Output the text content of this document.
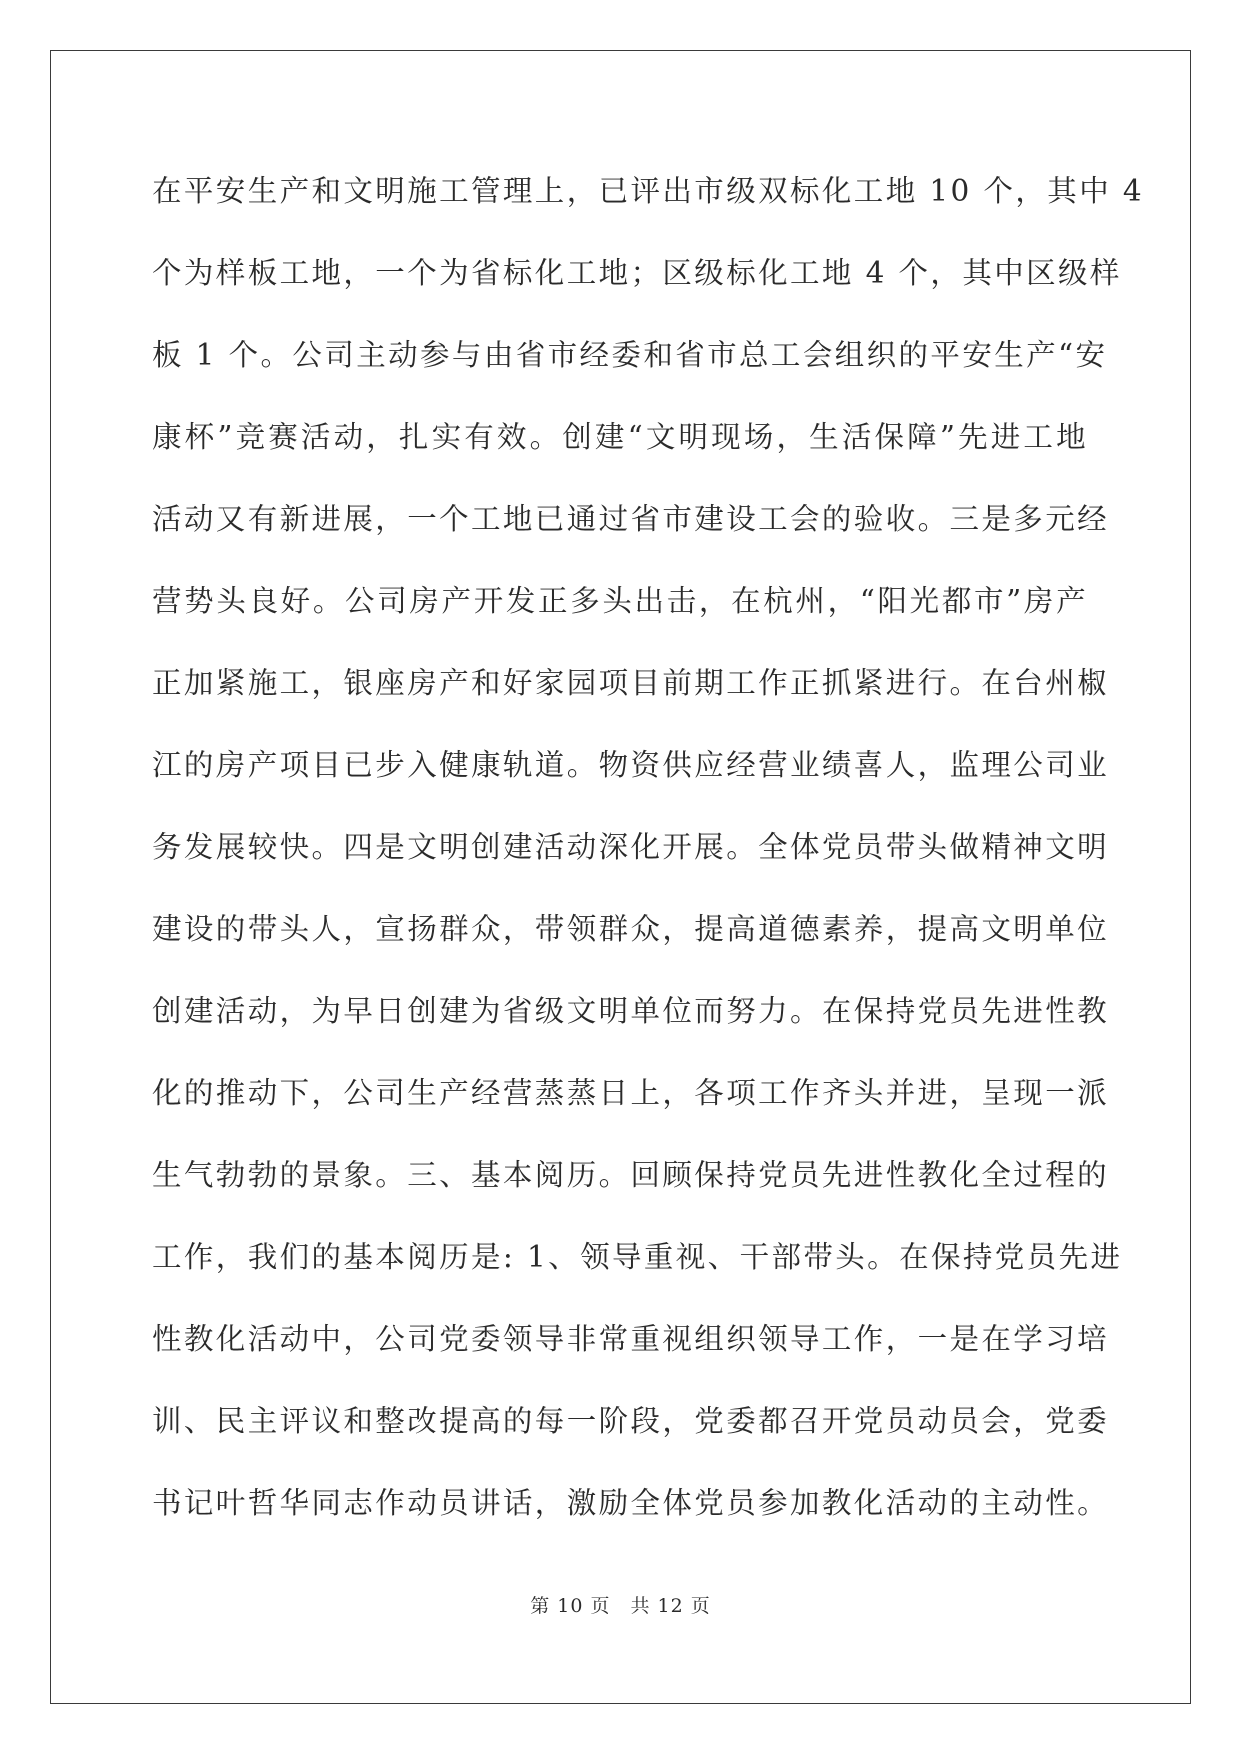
在平安生产和文明施工管理上，已评出市级双标化工地 10 个，其中 4
个为样板工地，一个为省标化工地；区级标化工地 4 个，其中区级样
板 1 个。公司主动参与由省市经委和省市总工会组织的平安生产“安
康杯”竞赛活动，扎实有效。创建“文明现场，生活保障”先进工地
活动又有新进展，一个工地已通过省市建设工会的验收。三是多元经
营势头良好。公司房产开发正多头出击，在杭州，“阳光都市”房产
正加紧施工，银座房产和好家园项目前期工作正抓紧进行。在台州椒
江的房产项目已步入健康轨道。物资供应经营业绩喜人，监理公司业
务发展较快。四是文明创建活动深化开展。全体党员带头做精神文明
建设的带头人，宣扬群众，带领群众，提高道德素养，提高文明单位
创建活动，为早日创建为省级文明单位而努力。在保持党员先进性教
化的推动下，公司生产经营蒸蒸日上，各项工作齐头并进，呈现一派
生气勃勃的景象。三、基本阅历。回顾保持党员先进性教化全过程的
工作，我们的基本阅历是: 1、领导重视、干部带头。在保持党员先进
性教化活动中，公司党委领导非常重视组织领导工作，一是在学习培
训、民主评议和整改提高的每一阶段，党委都召开党员动员会，党委
书记叶哲华同志作动员讲话，激励全体党员参加教化活动的主动性。
第 10 页　共 12 页
